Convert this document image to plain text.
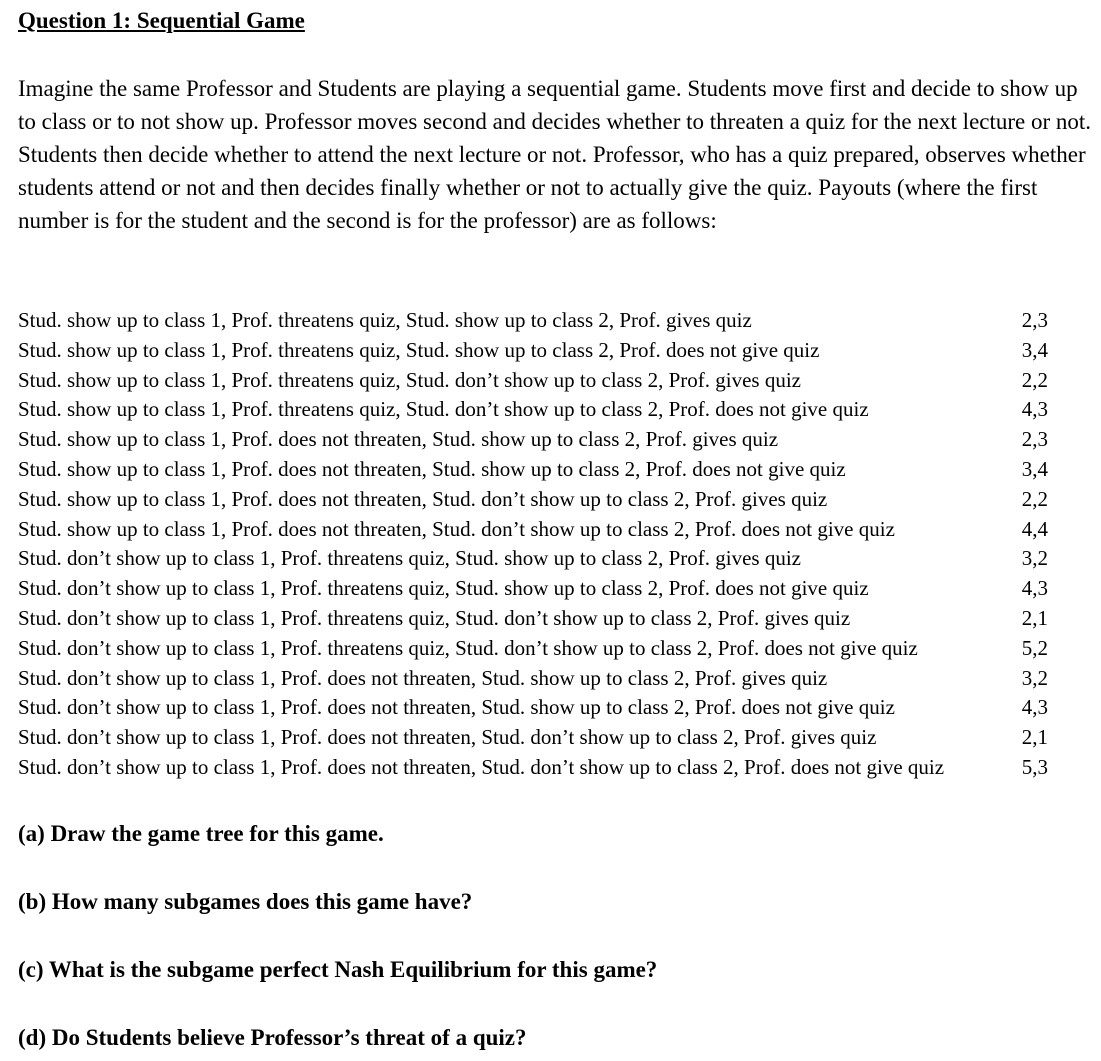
Question 1: Sequential Game

Imagine the same Professor and Students are playing a sequential game. Students move first and decide to show up to class or to not show up. Professor moves second and decides whether to threaten a quiz for the next lecture or not. Students then decide whether to attend the next lecture or not. Professor, who has a quiz prepared, observes whether students attend or not and then decides finally whether or not to actually give the quiz. Payouts (where the first number is for the student and the second is for the professor) are as follows:

Stud. show up to class 1, Prof. threatens quiz, Stud. show up to class 2, Prof. gives quiz	2,3
Stud. show up to class 1, Prof. threatens quiz, Stud. show up to class 2, Prof. does not give quiz	3,4
Stud. show up to class 1, Prof. threatens quiz, Stud. don’t show up to class 2, Prof. gives quiz	2,2
Stud. show up to class 1, Prof. threatens quiz, Stud. don’t show up to class 2, Prof. does not give quiz	4,3
Stud. show up to class 1, Prof. does not threaten, Stud. show up to class 2, Prof. gives quiz	2,3
Stud. show up to class 1, Prof. does not threaten, Stud. show up to class 2, Prof. does not give quiz	3,4
Stud. show up to class 1, Prof. does not threaten, Stud. don’t show up to class 2, Prof. gives quiz	2,2
Stud. show up to class 1, Prof. does not threaten, Stud. don’t show up to class 2, Prof. does not give quiz	4,4
Stud. don’t show up to class 1, Prof. threatens quiz, Stud. show up to class 2, Prof. gives quiz	3,2
Stud. don’t show up to class 1, Prof. threatens quiz, Stud. show up to class 2, Prof. does not give quiz	4,3
Stud. don’t show up to class 1, Prof. threatens quiz, Stud. don’t show up to class 2, Prof. gives quiz	2,1
Stud. don’t show up to class 1, Prof. threatens quiz, Stud. don’t show up to class 2, Prof. does not give quiz	5,2
Stud. don’t show up to class 1, Prof. does not threaten, Stud. show up to class 2, Prof. gives quiz	3,2
Stud. don’t show up to class 1, Prof. does not threaten, Stud. show up to class 2, Prof. does not give quiz	4,3
Stud. don’t show up to class 1, Prof. does not threaten, Stud. don’t show up to class 2, Prof. gives quiz	2,1
Stud. don’t show up to class 1, Prof. does not threaten, Stud. don’t show up to class 2, Prof. does not give quiz	5,3

(a) Draw the game tree for this game.

(b) How many subgames does this game have?

(c) What is the subgame perfect Nash Equilibrium for this game?

(d) Do Students believe Professor’s threat of a quiz?
